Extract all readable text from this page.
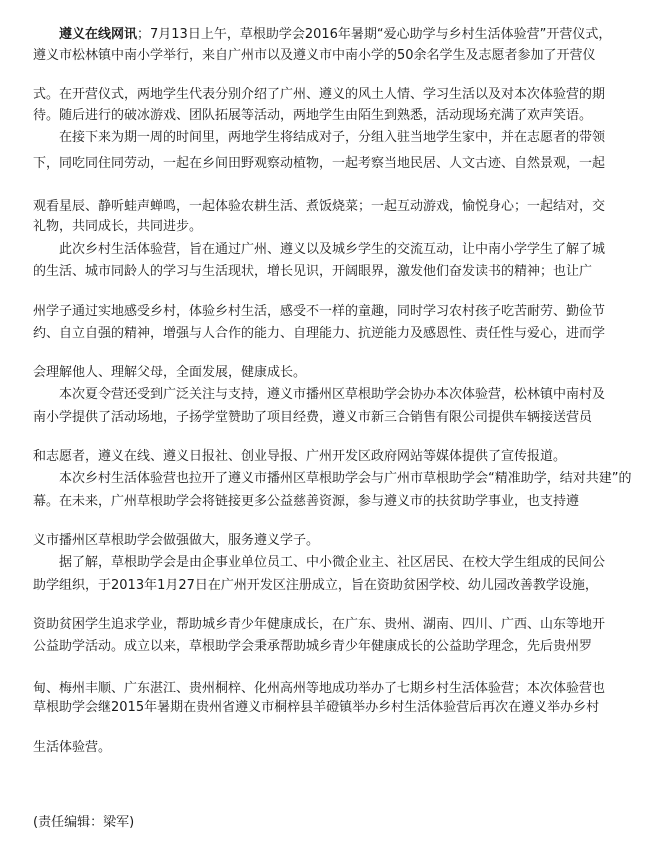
遵义在线网讯；7月13日上午，草根助学会2016年暑期“爱心助学与乡村生活体验营”开营仪式，
遵义市松林镇中南小学举行，来自广州市以及遵义市中南小学的50余名学生及志愿者参加了开营仪
式。在开营仪式，两地学生代表分别介绍了广州、遵义的风土人情、学习生活以及对本次体验营的期
待。随后进行的破冰游戏、团队拓展等活动，两地学生由陌生到熟悉，活动现场充满了欢声笑语。
　　在接下来为期一周的时间里，两地学生将结成对子，分组入驻当地学生家中，并在志愿者的带领
下，同吃同住同劳动，一起在乡间田野观察动植物，一起考察当地民居、人文古迹、自然景观，一起
观看星辰、静听蛙声蝉鸣，一起体验农耕生活、煮饭烧菜；一起互动游戏，愉悦身心；一起结对，交
礼物，共同成长，共同进步。
　　此次乡村生活体验营，旨在通过广州、遵义以及城乡学生的交流互动，让中南小学学生了解了城
的生活、城市同龄人的学习与生活现状，增长见识，开阔眼界，激发他们奋发读书的精神；也让广
州学子通过实地感受乡村，体验乡村生活，感受不一样的童趣，同时学习农村孩子吃苦耐劳、勤俭节
约、自立自强的精神，增强与人合作的能力、自理能力、抗逆能力及感恩性、责任性与爱心，进而学
会理解他人、理解父母，全面发展，健康成长。
　　本次夏令营还受到广泛关注与支持，遵义市播州区草根助学会协办本次体验营，松林镇中南村及
南小学提供了活动场地，子扬学堂赞助了项目经费，遵义市新三合销售有限公司提供车辆接送营员
和志愿者，遵义在线、遵义日报社、创业导报、广州开发区政府网站等媒体提供了宣传报道。
　　本次乡村生活体验营也拉开了遵义市播州区草根助学会与广州市草根助学会“精准助学，结对共建”的
幕。在未来，广州草根助学会将链接更多公益慈善资源，参与遵义市的扶贫助学事业，也支持遵
义市播州区草根助学会做强做大，服务遵义学子。
　　据了解，草根助学会是由企事业单位员工、中小微企业主、社区居民、在校大学生组成的民间公
助学组织，于2013年1月27日在广州开发区注册成立，旨在资助贫困学校、幼儿园改善教学设施，
资助贫困学生追求学业，帮助城乡青少年健康成长，在广东、贵州、湖南、四川、广西、山东等地开
公益助学活动。成立以来，草根助学会秉承帮助城乡青少年健康成长的公益助学理念，先后贵州罗
甸、梅州丰顺、广东湛江、贵州桐梓、化州高州等地成功举办了七期乡村生活体验营；本次体验营也
草根助学会继2015年暑期在贵州省遵义市桐梓县羊磴镇举办乡村生活体验营后再次在遵义举办乡村
生活体验营。
(责任编辑：梁军)
